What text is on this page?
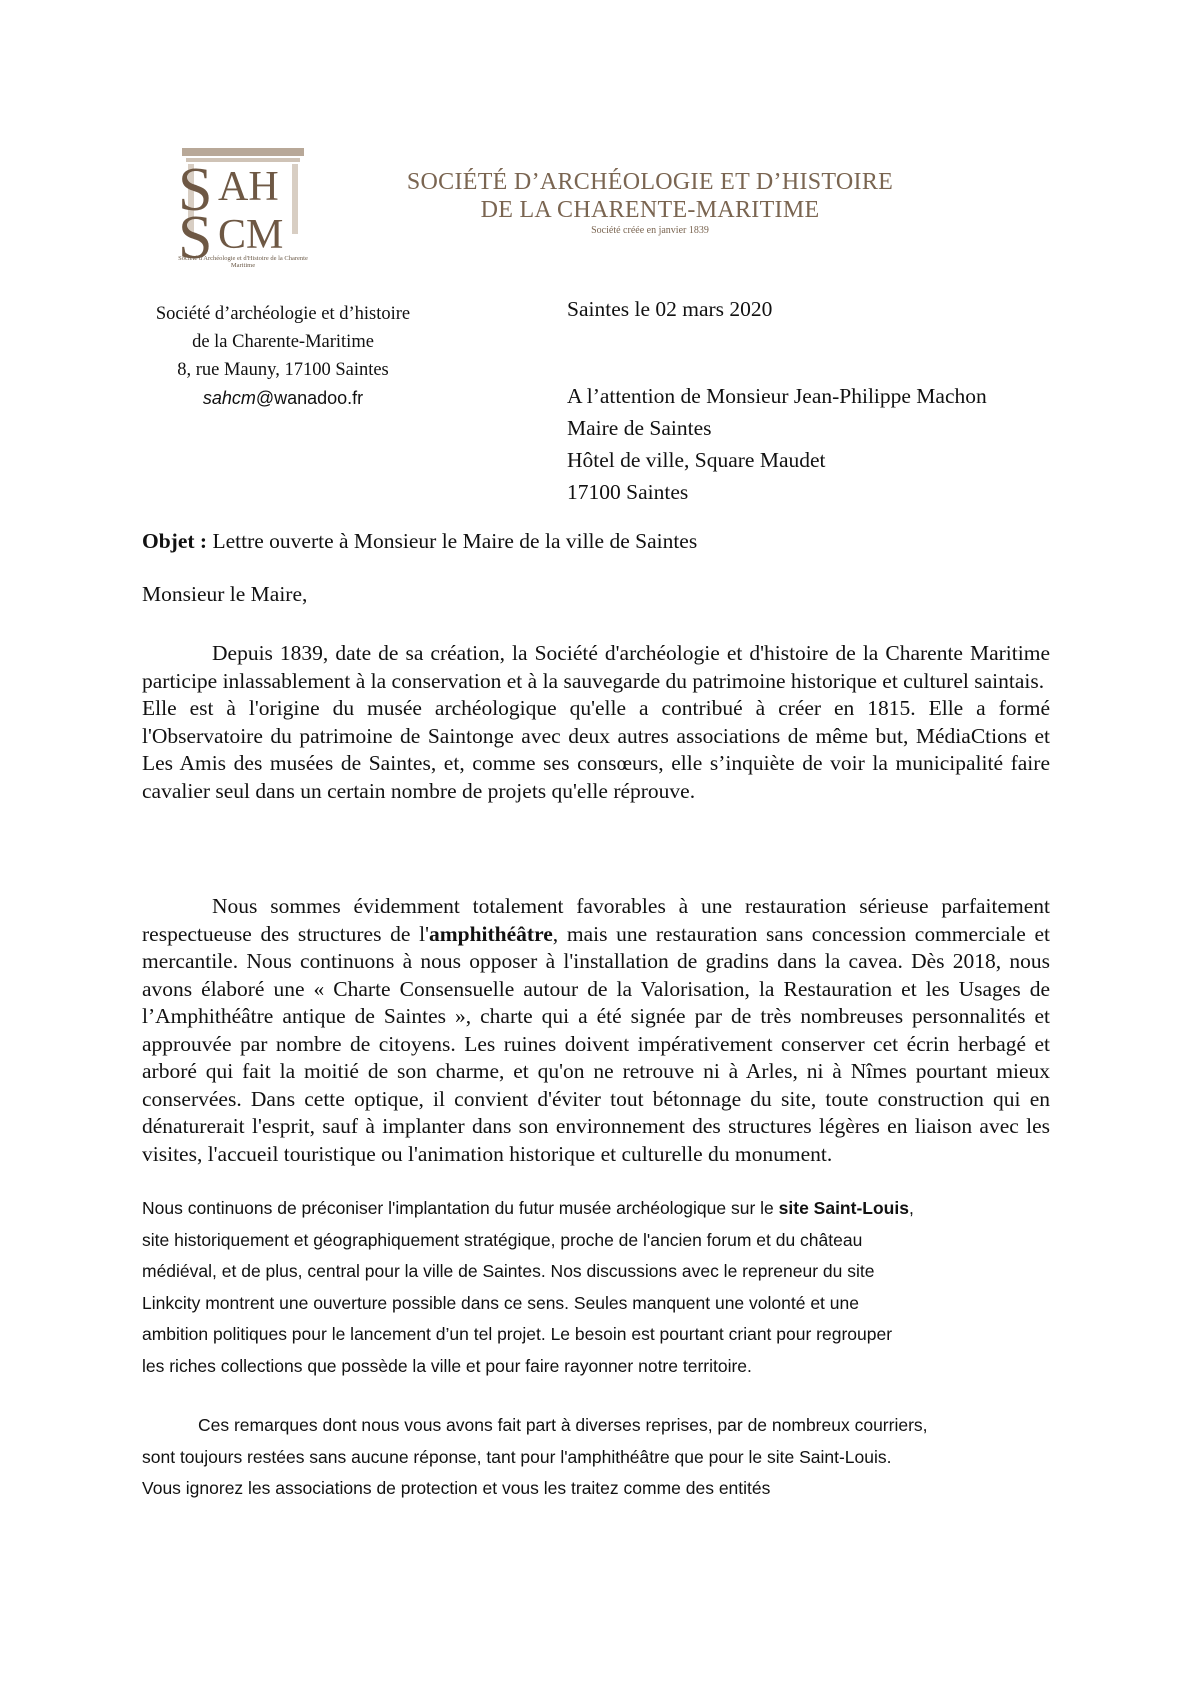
S AH
S CM
Société d'Archéologie et d'Histoire de la Charente Maritime
SOCIÉTÉ D’ARCHÉOLOGIE ET D’HISTOIRE
DE LA CHARENTE-MARITIME
Société créée en janvier 1839
Société d’archéologie et d’histoire
de la Charente-Maritime
8, rue Mauny, 17100 Saintes
sahcm@wanadoo.fr
Saintes le 02 mars 2020
A l’attention de Monsieur Jean-Philippe Machon
Maire de Saintes
Hôtel de ville, Square Maudet
17100 Saintes
Objet : Lettre ouverte à Monsieur le Maire de la ville de Saintes
Monsieur le Maire,
Depuis 1839, date de sa création, la Société d'archéologie et d'histoire de la Charente Maritime participe inlassablement à la conservation et à la sauvegarde du patrimoine historique et culturel saintais.
Elle est à l'origine du musée archéologique qu'elle a contribué à créer en 1815. Elle a formé l'Observatoire du patrimoine de Saintonge avec deux autres associations de même but, MédiaCtions et Les Amis des musées de Saintes, et, comme ses consœurs, elle s’inquiète de voir la municipalité faire cavalier seul dans un certain nombre de projets qu'elle réprouve.
Nous sommes évidemment totalement favorables à une restauration sérieuse parfaitement respectueuse des structures de l'amphithéâtre, mais une restauration sans concession commerciale et mercantile. Nous continuons à nous opposer à l'installation de gradins dans la cavea. Dès 2018, nous avons élaboré une « Charte Consensuelle autour de la Valorisation, la Restauration et les Usages de l’Amphithéâtre antique de Saintes », charte qui a été signée par de très nombreuses personnalités et approuvée par nombre de citoyens. Les ruines doivent impérativement conserver cet écrin herbagé et arboré qui fait la moitié de son charme, et qu'on ne retrouve ni à Arles, ni à Nîmes pourtant mieux conservées. Dans cette optique, il convient d'éviter tout bétonnage du site, toute construction qui en dénaturerait l'esprit, sauf à implanter dans son environnement des structures légères en liaison avec les visites, l'accueil touristique ou l'animation historique et culturelle du monument.
Nous continuons de préconiser l'implantation du futur musée archéologique sur le site Saint-Louis,
site historiquement et géographiquement stratégique, proche de l'ancien forum et du château
médiéval, et de plus, central pour la ville de Saintes. Nos discussions avec le repreneur du site
Linkcity montrent une ouverture possible dans ce sens. Seules manquent une volonté et une
ambition politiques pour le lancement d’un tel projet. Le besoin est pourtant criant pour regrouper
les riches collections que possède la ville et pour faire rayonner notre territoire.
Ces remarques dont nous vous avons fait part à diverses reprises, par de nombreux courriers,
sont toujours restées sans aucune réponse, tant pour l'amphithéâtre que pour le site Saint-Louis.
Vous ignorez les associations de protection et vous les traitez comme des entités
